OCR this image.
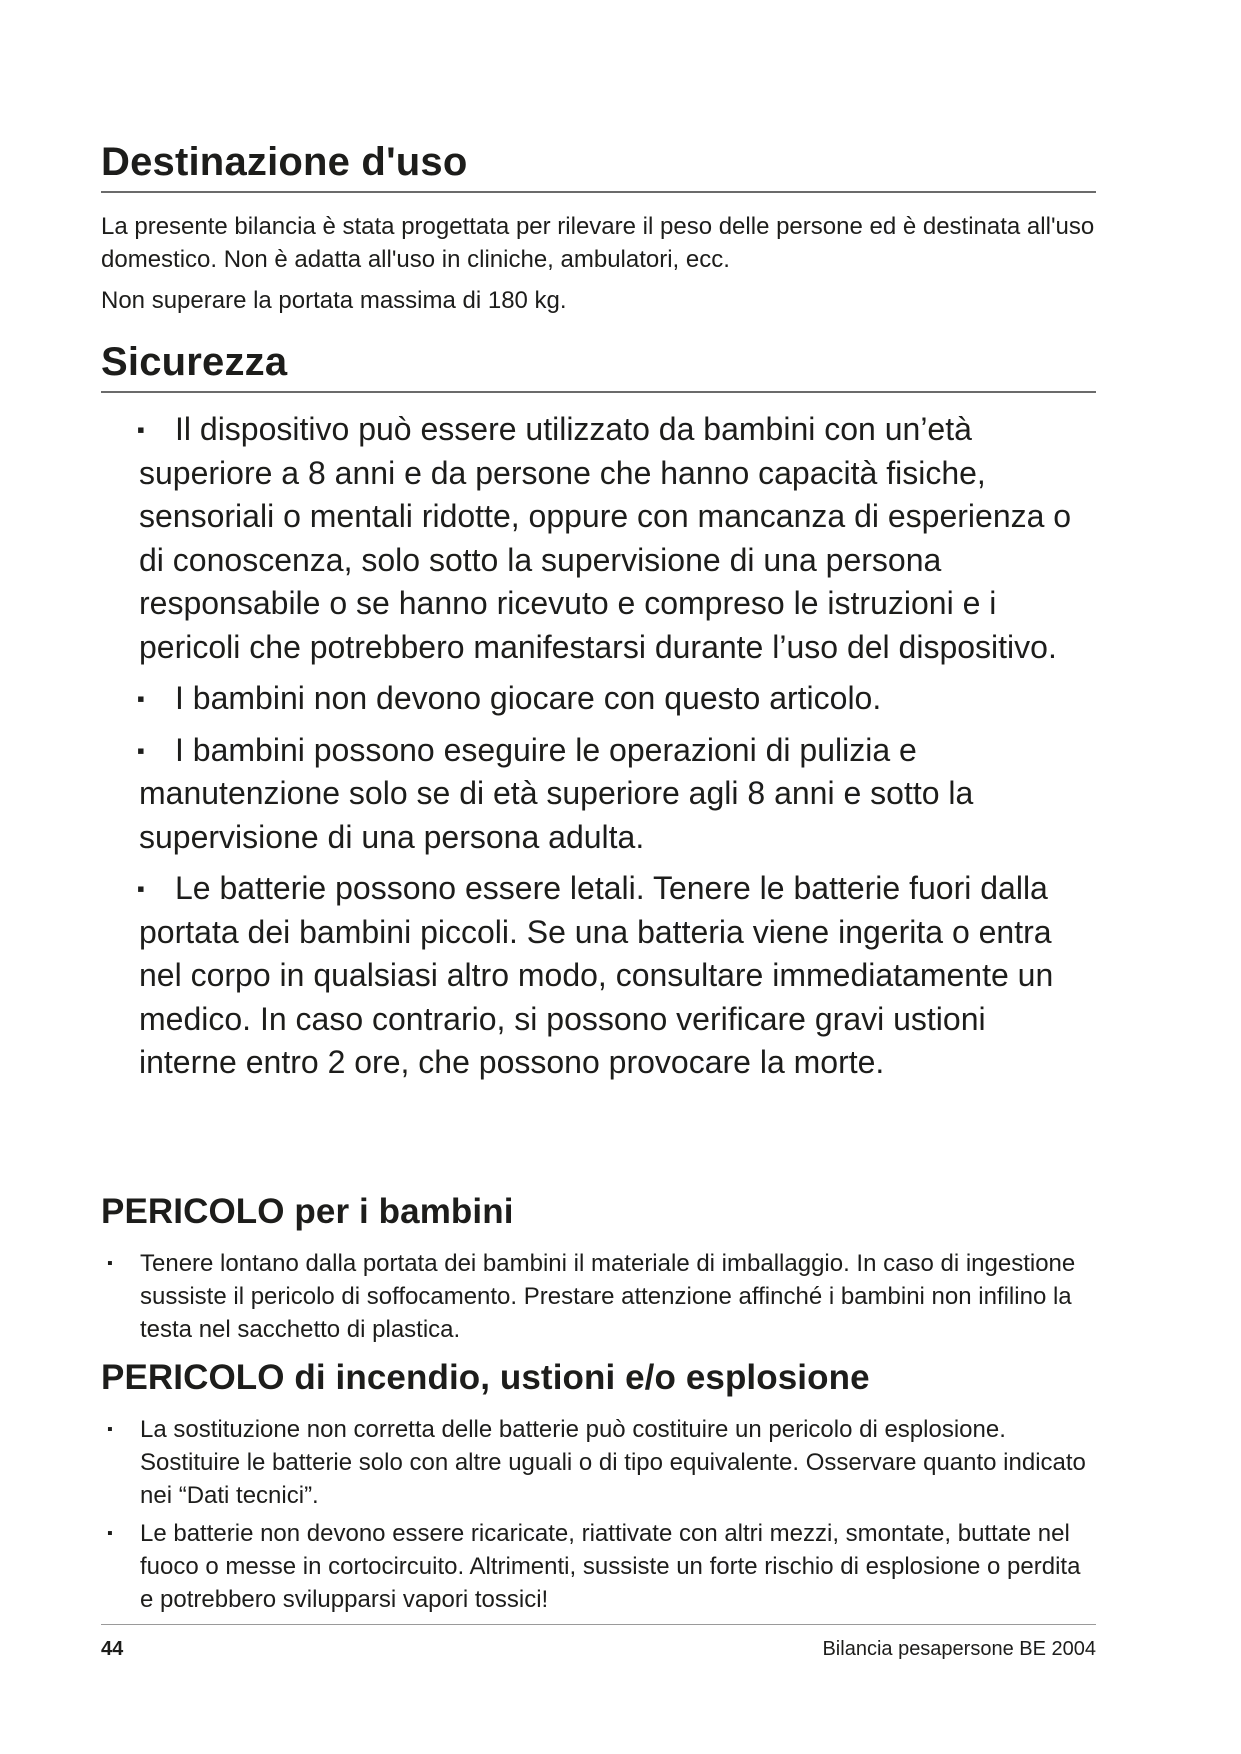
Destinazione d'uso

La presente bilancia è stata progettata per rilevare il peso delle persone ed è destinata all'uso domestico. Non è adatta all'uso in cliniche, ambulatori, ecc.

Non superare la portata massima di 180 kg.

Sicurezza
▪ Il dispositivo può essere utilizzato da bambini con un’età superiore a 8 anni e da persone che hanno capacità fisiche, sensoriali o mentali ridotte, oppure con mancanza di esperienza o di conoscenza, solo sotto la supervisione di una persona responsabile o se hanno ricevuto e compreso le istruzioni e i pericoli che potrebbero manifestarsi durante l’uso del dispositivo.
▪ I bambini non devono giocare con questo articolo.
▪ I bambini possono eseguire le operazioni di pulizia e manutenzione solo se di età superiore agli 8 anni e sotto la supervisione di una persona adulta.
▪ Le batterie possono essere letali. Tenere le batterie fuori dalla portata dei bambini piccoli. Se una batteria viene ingerita o entra nel corpo in qualsiasi altro modo, consultare immediatamente un medico. In caso contrario, si possono verificare gravi ustioni interne entro 2 ore, che possono provocare la morte.
PERICOLO per i bambini
▪ Tenere lontano dalla portata dei bambini il materiale di imballaggio. In caso di ingestione sussiste il pericolo di soffocamento. Prestare attenzione affinché i bambini non infilino la testa nel sacchetto di plastica.
PERICOLO di incendio, ustioni e/o esplosione
▪ La sostituzione non corretta delle batterie può costituire un pericolo di esplosione. Sostituire le batterie solo con altre uguali o di tipo equivalente. Osservare quanto indicato nei “Dati tecnici”.
▪ Le batterie non devono essere ricaricate, riattivate con altri mezzi, smontate, buttate nel fuoco o messe in cortocircuito. Altrimenti, sussiste un forte rischio di esplosione o perdita e potrebbero svilupparsi vapori tossici!
44	Bilancia pesapersone BE 2004
